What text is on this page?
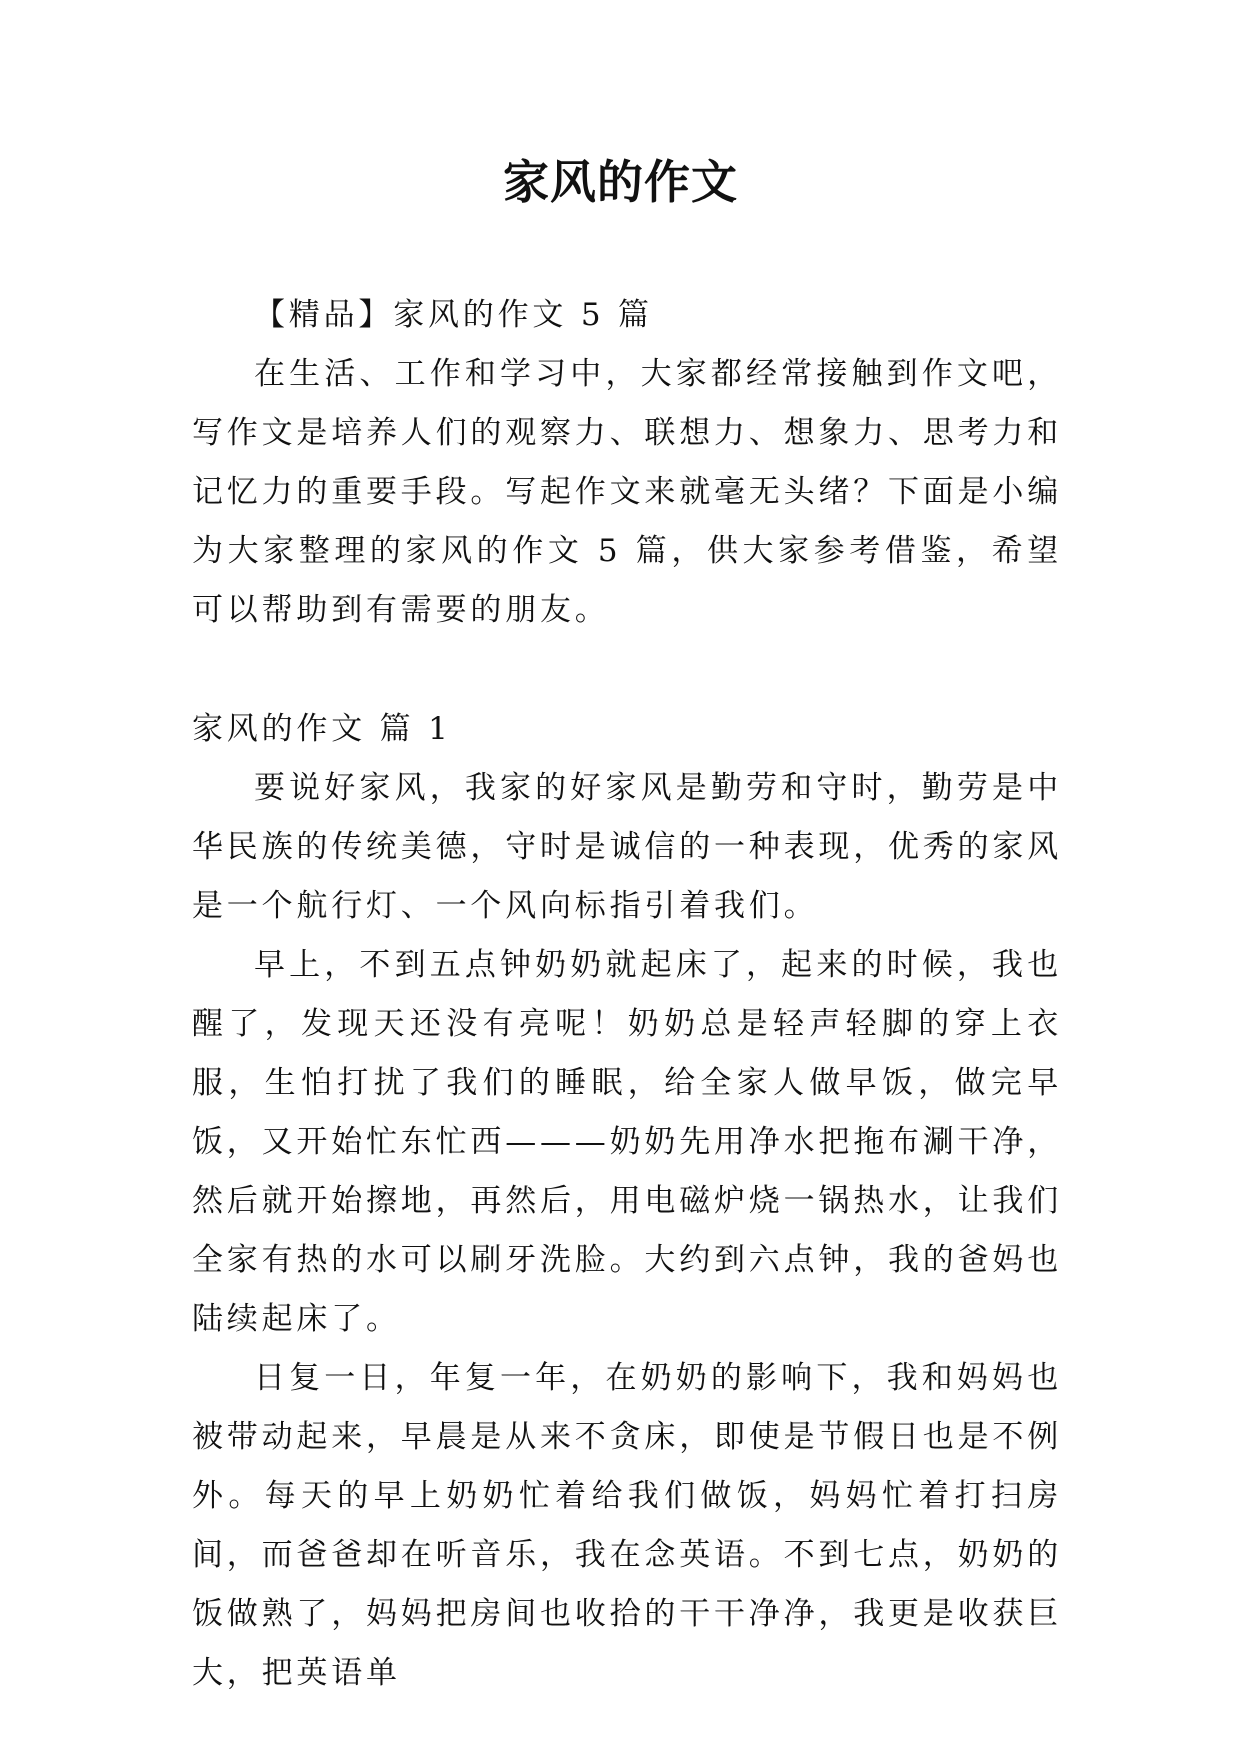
家风的作文

【精品】家风的作文 5 篇

在生活、工作和学习中，大家都经常接触到作文吧，写作文是培养人们的观察力、联想力、想象力、思考力和记忆力的重要手段。写起作文来就毫无头绪？下面是小编为大家整理的家风的作文 5 篇，供大家参考借鉴，希望可以帮助到有需要的朋友。

家风的作文 篇 1

要说好家风，我家的好家风是勤劳和守时，勤劳是中华民族的传统美德，守时是诚信的一种表现，优秀的家风是一个航行灯、一个风向标指引着我们。

早上，不到五点钟奶奶就起床了，起来的时候，我也醒了，发现天还没有亮呢！奶奶总是轻声轻脚的穿上衣服，生怕打扰了我们的睡眠，给全家人做早饭，做完早饭，又开始忙东忙西———奶奶先用净水把拖布涮干净，然后就开始擦地，再然后，用电磁炉烧一锅热水，让我们全家有热的水可以刷牙洗脸。大约到六点钟，我的爸妈也陆续起床了。

日复一日，年复一年，在奶奶的影响下，我和妈妈也被带动起来，早晨是从来不贪床，即使是节假日也是不例外。每天的早上奶奶忙着给我们做饭，妈妈忙着打扫房间，而爸爸却在听音乐，我在念英语。不到七点，奶奶的饭做熟了，妈妈把房间也收拾的干干净净，我更是收获巨大，把英语单
